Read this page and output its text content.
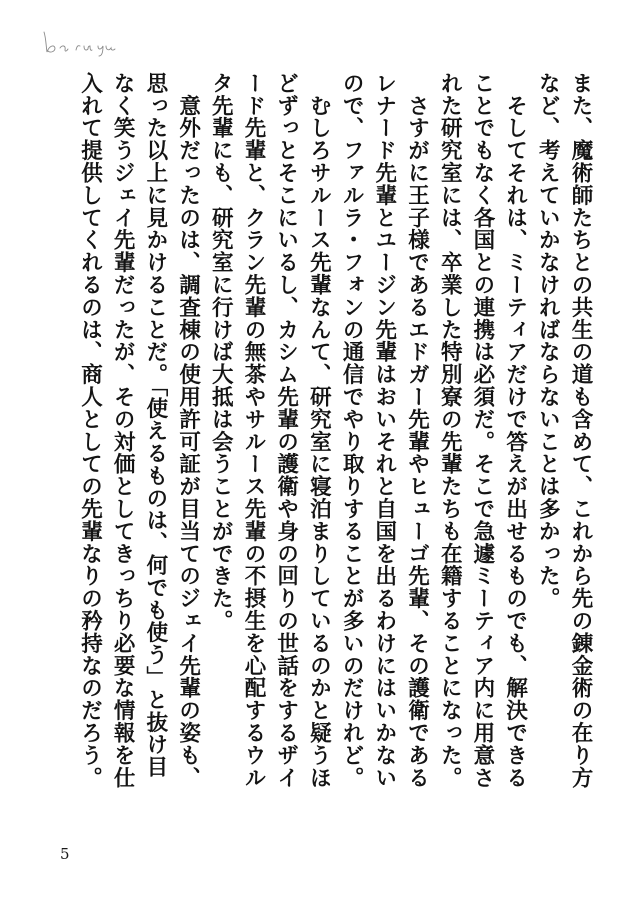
また、魔術師たちとの共生の道も含めて、これから先の錬金術の在り方など、考えていかなければならないことは多かった。

　そしてそれは、ミーティアだけで答えが出せるものでも、解決できることでもなく各国との連携は必須だ。そこで急遽ミーティア内に用意された研究室には、卒業した特別寮の先輩たちも在籍することになった。

　さすがに王子様であるエドガー先輩やヒューゴ先輩、その護衛であるレナード先輩とユージン先輩はおいそれと自国を出るわけにはいかないので、ファルラ・フォンの通信でやり取りすることが多いのだけれど。

　むしろサルース先輩なんて、研究室に寝泊まりしているのかと疑うほどずっとそこにいるし、カシム先輩の護衛や身の回りの世話をするザイード先輩と、クラン先輩の無茶やサルース先輩の不摂生を心配するウルタ先輩にも、研究室に行けば大抵は会うことができた。

　意外だったのは、調査棟の使用許可証が目当てのジェイ先輩の姿も、思った以上に見かけることだ。「使えるものは、何でも使う」と抜け目なく笑うジェイ先輩だったが、その対価としてきっちり必要な情報を仕入れて提供してくれるのは、商人としての先輩なりの矜持なのだろう。

5
